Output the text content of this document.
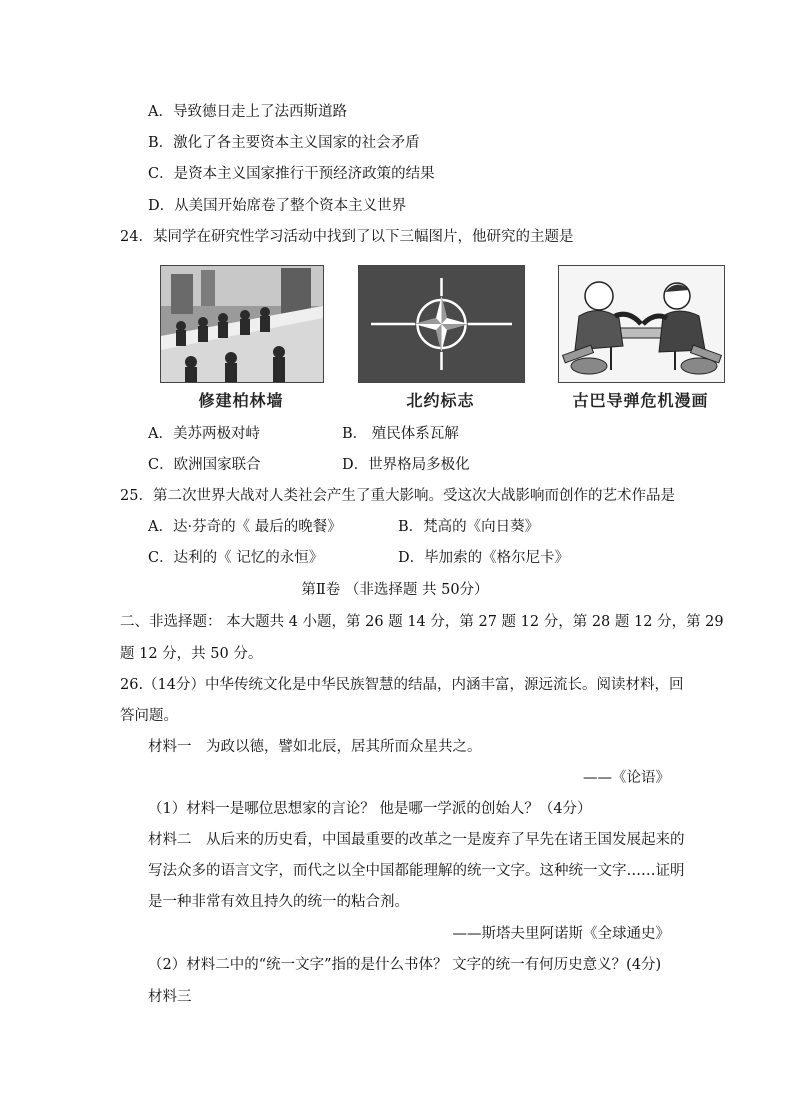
A．导致德日走上了法西斯道路
B．激化了各主要资本主义国家的社会矛盾
C．是资本主义国家推行干预经济政策的结果
D．从美国开始席卷了整个资本主义世界
24．某同学在研究性学习活动中找到了以下三幅图片，他研究的主题是
修建柏林墙	北约标志	古巴导弹危机漫画
A．美苏两极对峙	B． 殖民体系瓦解
C．欧洲国家联合	D．世界格局多极化
25．第二次世界大战对人类社会产生了重大影响。受这次大战影响而创作的艺术作品是
A．达·芬奇的《 最后的晚餐》	B．梵高的《向日葵》
C．达利的《 记忆的永恒》	D．毕加索的《格尔尼卡》
第Ⅱ卷 （非选择题 共 50分）
二、非选择题： 本大题共 4 小题，第 26 题 14 分，第 27 题 12 分，第 28 题 12 分，第 29
题 12 分，共 50 分。
26.（14分）中华传统文化是中华民族智慧的结晶，内涵丰富，源远流长。阅读材料，回
答问题。
材料一　为政以德，譬如北辰，居其所而众星共之。
——《论语》
（1）材料一是哪位思想家的言论？ 他是哪一学派的创始人？（4分）
材料二　从后来的历史看，中国最重要的改革之一是废弃了早先在诸王国发展起来的
写法众多的语言文字，而代之以全中国都能理解的统一文字。这种统一文字……证明
是一种非常有效且持久的统一的粘合剂。
——斯塔夫里阿诺斯《全球通史》
（2）材料二中的“统一文字”指的是什么书体？ 文字的统一有何历史意义？(4分)
材料三
